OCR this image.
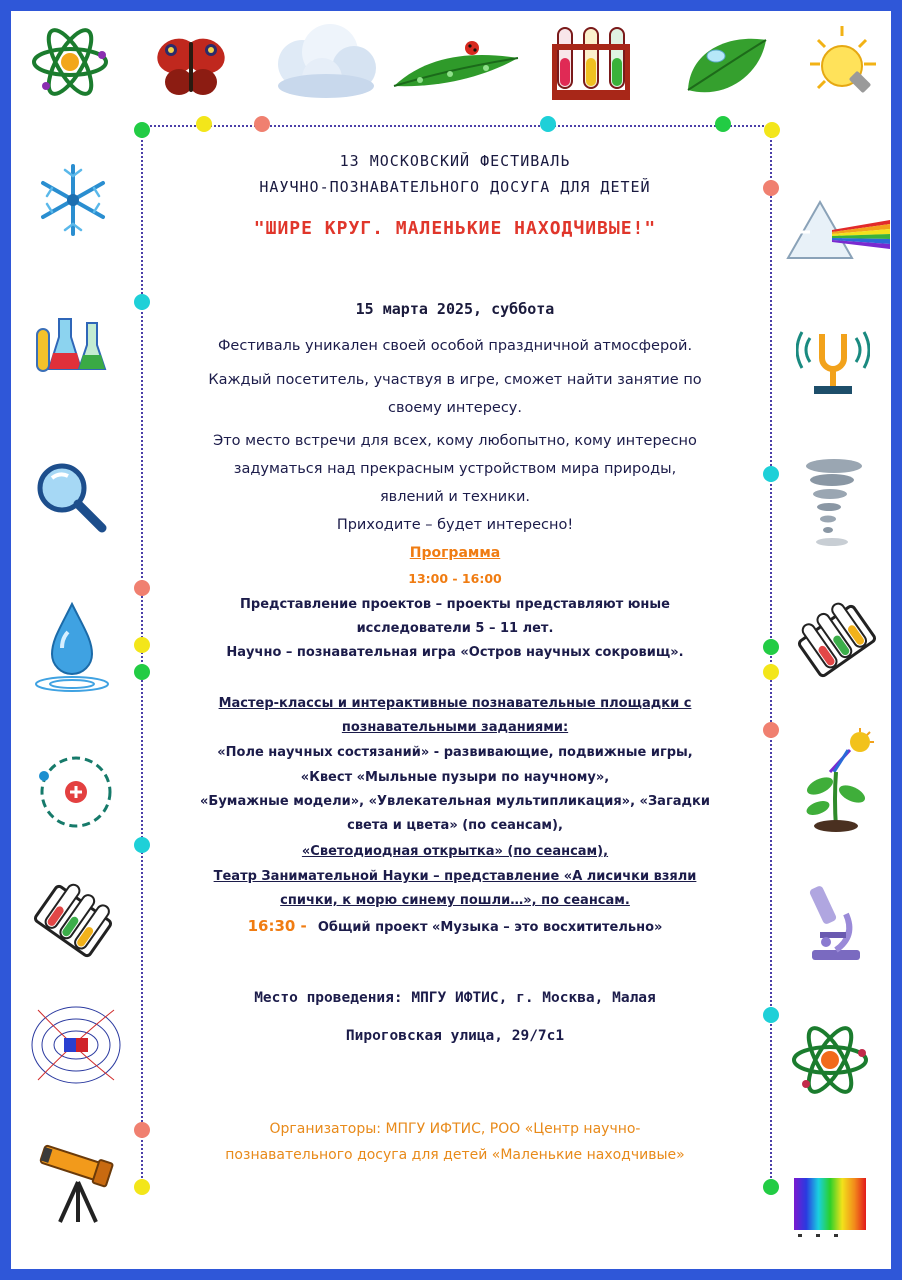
13 МОСКОВСКИЙ ФЕСТИВАЛЬ

НАУЧНО-ПОЗНАВАТЕЛЬНОГО ДОСУГА ДЛЯ ДЕТЕЙ

"ШИРЕ КРУГ. МАЛЕНЬКИЕ НАХОДЧИВЫЕ!"

15 марта 2025, суббота

Фестиваль уникален своей особой праздничной атмосферой.

Каждый посетитель, участвуя в игре, сможет найти занятие по

своему интересу.

Это место встречи для всех, кому любопытно, кому интересно

задуматься над прекрасным устройством мира природы,

явлений и техники.

Приходите – будет интересно!

Программа

13:00 - 16:00

Представление проектов – проекты представляют юные

исследователи 5 – 11 лет.

Научно – познавательная игра «Остров научных сокровищ».

Мастер-классы и интерактивные познавательные площадки с

познавательными заданиями:

«Поле научных состязаний» - развивающие, подвижные игры,

«Квест «Мыльные пузыри по научному»,

«Бумажные модели», «Увлекательная мультипликация», «Загадки

света и цвета» (по сеансам),

«Светодиодная открытка» (по сеансам),

Театр Занимательной Науки – представление «А лисички взяли

спички, к морю синему пошли…», по сеансам.

16:30 - Общий проект «Музыка – это восхитительно»

Место проведения: МПГУ ИФТИС, г. Москва, Малая

Пироговская улица, 29/7с1

Организаторы: МПГУ ИФТИС, РОО «Центр научно-

познавательного досуга для детей «Маленькие находчивые»
